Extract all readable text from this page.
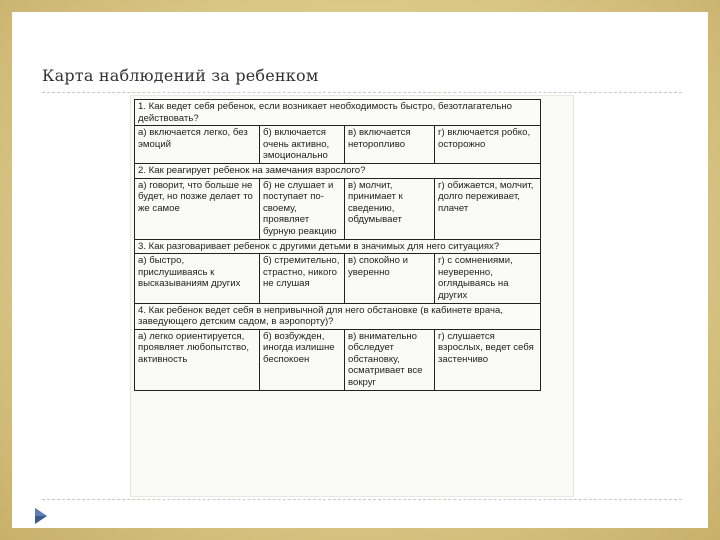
Карта наблюдений за ребенком
1. Как ведет себя ребенок, если возникает необходимость быстро, безотлагательно действовать?			
а) включается легко, без эмоций	б) включается очень активно, эмоционально	в) включается неторопливо	г) включается робко, осторожно
2. Как реагирует ребенок на замечания взрослого?			
а) говорит, что больше не будет, но позже делает то же самое	б) не слушает и поступает по-своему, проявляет бурную реакцию	в) молчит, принимает к сведению, обдумывает	г) обижается, молчит, долго переживает, плачет
3. Как разговаривает ребенок с другими детьми в значимых для него ситуациях?			
а) быстро, прислушиваясь к высказываниям других	б) стремительно, страстно, никого не слушая	в) спокойно и уверенно	г) с сомнениями, неуверенно, оглядываясь на других
4. Как ребенок ведет себя в непривычной для него обстановке (в кабинете врача, заведующего детским садом, в аэропорту)?			
а) легко ориентируется, проявляет любопытство, активность	б) возбужден, иногда излишне беспокоен	в) внимательно обследует обстановку, осматривает все вокруг	г) слушается взрослых, ведет себя застенчиво
